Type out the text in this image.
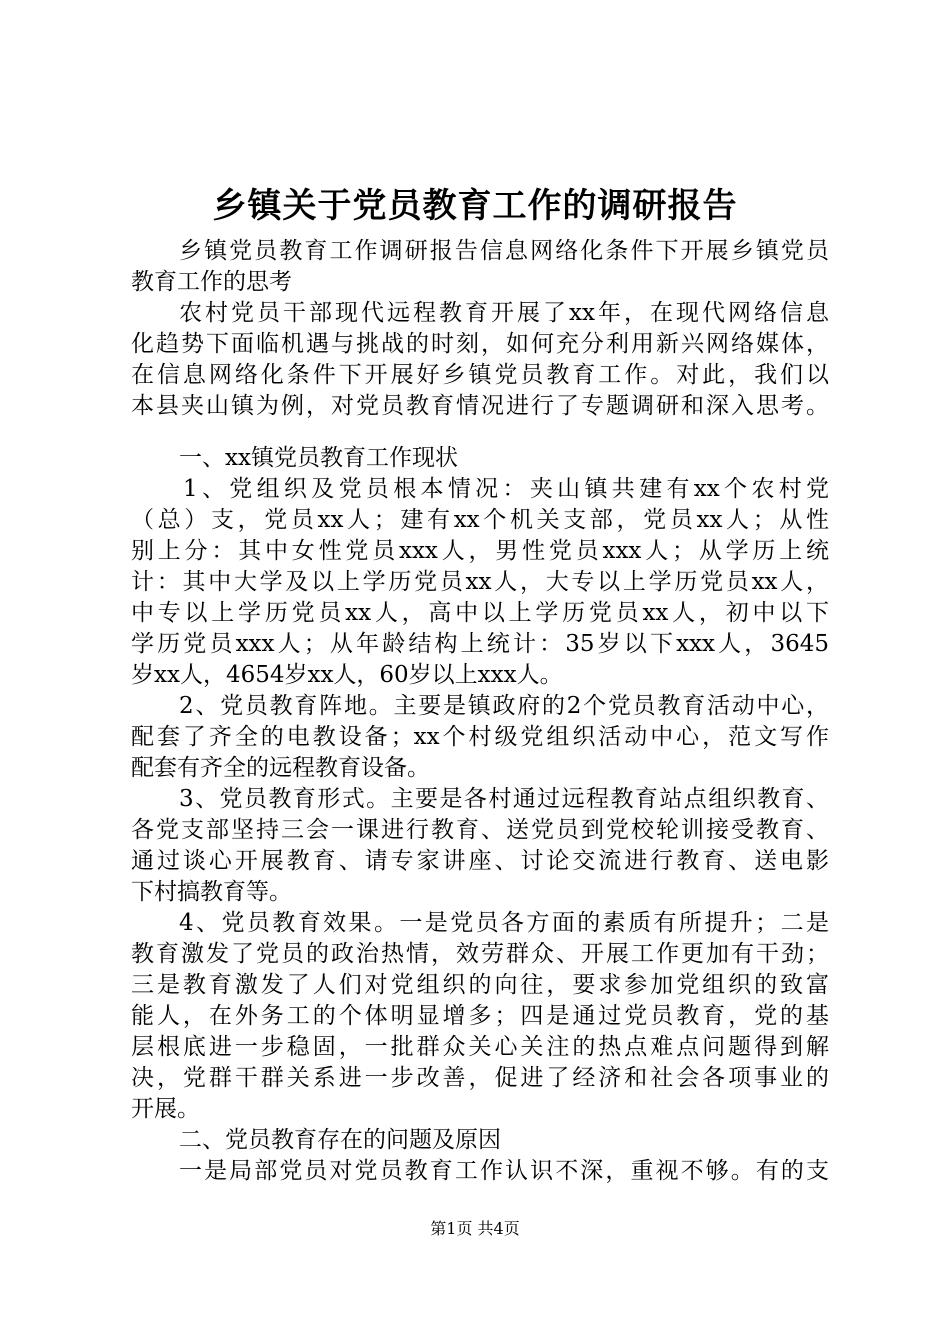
乡镇关于党员教育工作的调研报告
乡镇党员教育工作调研报告信息网络化条件下开展乡镇党员
教育工作的思考
农村党员干部现代远程教育开展了xx年，在现代网络信息
化趋势下面临机遇与挑战的时刻，如何充分利用新兴网络媒体，
在信息网络化条件下开展好乡镇党员教育工作。对此，我们以
本县夹山镇为例，对党员教育情况进行了专题调研和深入思考。
一、xx镇党员教育工作现状
1、党组织及党员根本情况：夹山镇共建有xx个农村党
（总）支，党员xx人；建有xx个机关支部，党员xx人；从性
别上分：其中女性党员xxx人，男性党员xxx人；从学历上统
计：其中大学及以上学历党员xx人，大专以上学历党员xx人，
中专以上学历党员xx人，高中以上学历党员xx人，初中以下
学历党员xxx人；从年龄结构上统计：35岁以下xxx人，3645
岁xx人，4654岁xx人，60岁以上xxx人。
2、党员教育阵地。主要是镇政府的2个党员教育活动中心，
配套了齐全的电教设备；xx个村级党组织活动中心，范文写作
配套有齐全的远程教育设备。
3、党员教育形式。主要是各村通过远程教育站点组织教育、
各党支部坚持三会一课进行教育、送党员到党校轮训接受教育、
通过谈心开展教育、请专家讲座、讨论交流进行教育、送电影
下村搞教育等。
4、党员教育效果。一是党员各方面的素质有所提升；二是
教育激发了党员的政治热情，效劳群众、开展工作更加有干劲；
三是教育激发了人们对党组织的向往，要求参加党组织的致富
能人，在外务工的个体明显增多；四是通过党员教育，党的基
层根底进一步稳固，一批群众关心关注的热点难点问题得到解
决，党群干群关系进一步改善，促进了经济和社会各项事业的
开展。
二、党员教育存在的问题及原因
一是局部党员对党员教育工作认识不深，重视不够。有的支
第1页 共4页
